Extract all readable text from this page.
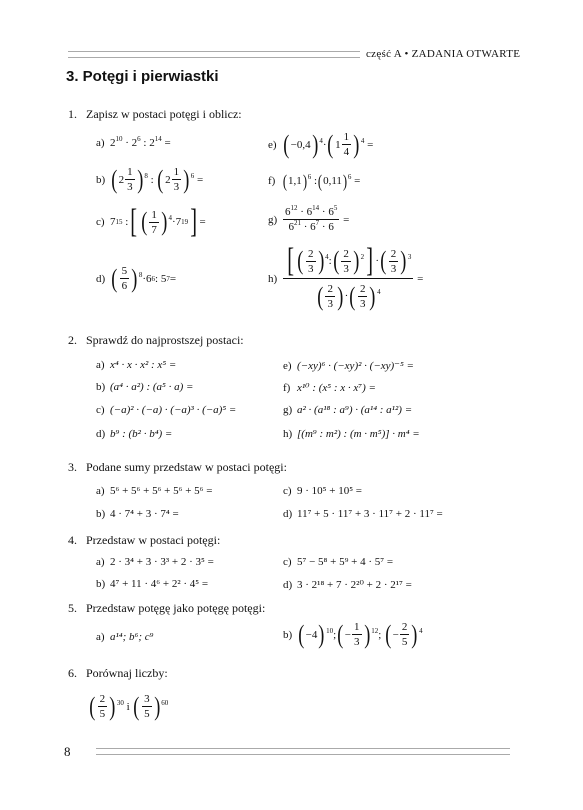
część A • ZADANIA OTWARTE
3. Potęgi i pierwiastki
1. Zapisz w postaci potęgi i oblicz:
a) $2^{10} \cdot 2^6$ : $2^{14}$ =
b) ( $2 \frac{1}{3}$ ) 8 : ( $2 \frac{1}{3}$ ) 6 =
c) 7 15 : [ ( $\frac{1}{7}$ ) 4 ·7 19 ] =
d) ( $\frac{5}{6}$ ) 8 ·6 6 : 5 7 =
e) ( −0,4 ) 4 · ( $1 \frac{1}{4}$ ) 4 =
f) ( 1,1 ) 6 : ( 0,11 ) 6 =
$g) \frac{6^{12} \cdot 6^{14} \cdot 6^5}{6^{21} \cdot 6^7 \cdot 6}$ =
$h) \frac{[ ( \frac{2}{3} )^4:( \frac{2}{3} )^2] \cdot( \frac{2}{3} )^3}{( \frac{2}{3} )\cdot( \frac{2}{3} )^4}$ =
2. Sprawdź do najprostszej postaci:
a) x⁴ · x · x² : x⁵ =
b) (a⁴ · a²) : (a⁵ · a) =
c) (−a)² · (−a) · (−a)³ · (−a)⁵ =
d) b⁹ : (b² · b⁴) =
e) (−xy)⁶ · (−xy)² · (−xy)⁻⁵ =
f) x¹⁰ : (x⁵ : x · x⁷) =
g) a² · (a¹⁸ : a⁹) · (a¹⁴ : a¹²) =
h) [(m⁹ : m²) : (m · m⁵)] · m⁴ =
3. Podane sumy przedstaw w postaci potęgi:
a) 5⁶ + 5⁶ + 5⁶ + 5⁶ + 5⁶ =
b) 4 · 7⁴ + 3 · 7⁴ =
c) 9 · 10⁵ + 10⁵ =
d) 11⁷ + 5 · 11⁷ + 3 · 11⁷ + 2 · 11⁷ =
4. Przedstaw w postaci potęgi:
a) 2 · 3⁴ + 3 · 3³ + 2 · 3⁵ =
b) 4⁷ + 11 · 4⁶ + 2² · 4⁵ =
c) 5⁷ − 5⁸ + 5⁹ + 4 · 5⁷ =
d) 3 · 2¹⁸ + 7 · 2²⁰ + 2 · 2¹⁷ =
5. Przedstaw potęgę jako potęgę potęgi:
a) a¹⁴; b⁶; c⁹	b) ( −4 ) 10 ; ( − $\frac{1}{3}$ ) 12 ; ( − $\frac{2}{5}$ ) 4
6. Porównaj liczby:
( $\frac{2}{5}$ ) 30 i ( $\frac{3}{5}$ ) 60
8
